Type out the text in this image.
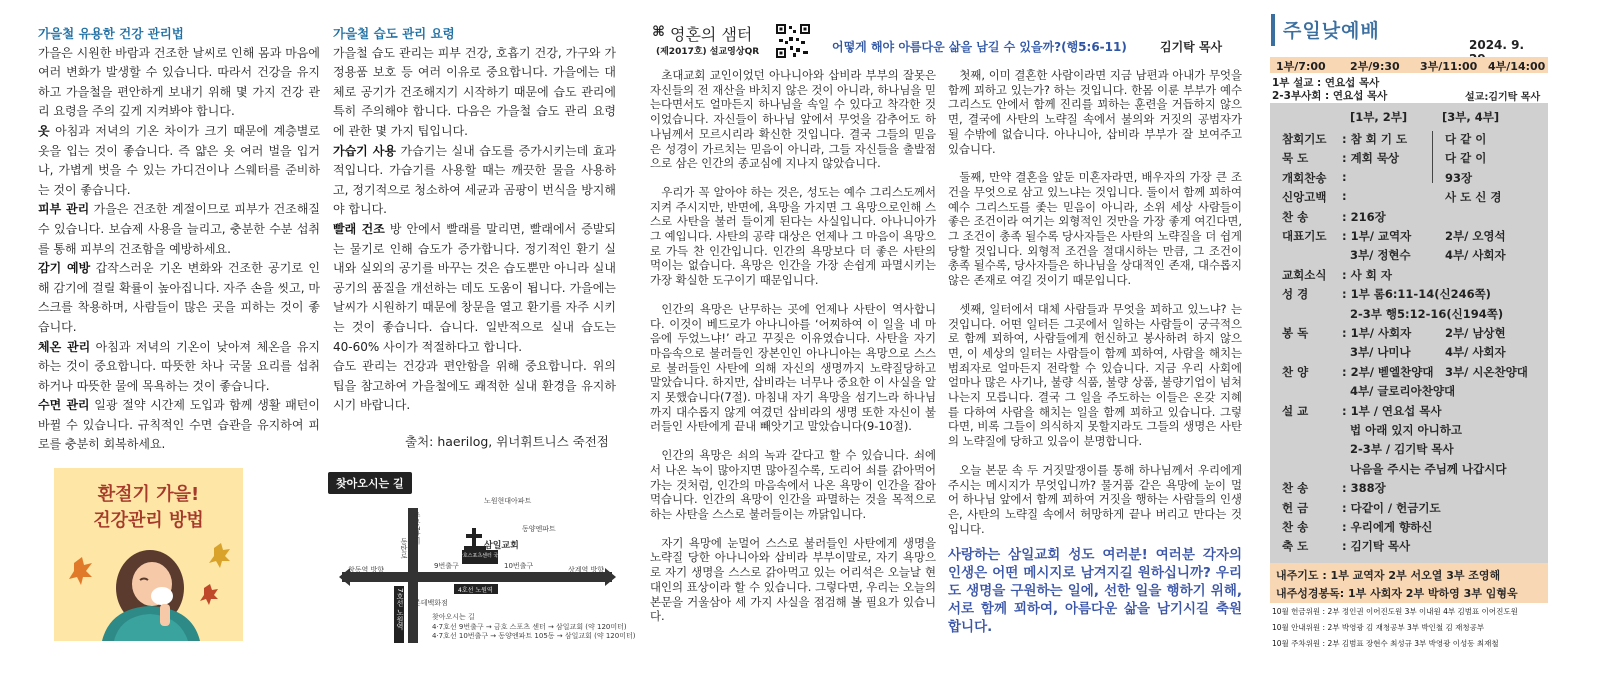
가을철 유용한 건강 관리법

가을은 시원한 바람과 건조한 날씨로 인해 몸과 마음에 여러 변화가 발생할 수 있습니다. 따라서 건강을 유지하고 가을철을 편안하게 보내기 위해 몇 가지 건강 관리 요령을 주의 깊게 지켜봐야 합니다.

옷 아침과 저녁의 기온 차이가 크기 때문에 계층별로 옷을 입는 것이 좋습니다. 즉 얇은 옷 여러 벌을 입거나, 가볍게 벗을 수 있는 가디건이나 스웨터를 준비하는 것이 좋습니다.

피부 관리 가을은 건조한 계절이므로 피부가 건조해질 수 있습니다. 보습제 사용을 늘리고, 충분한 수분 섭취를 통해 피부의 건조함을 예방하세요.

감기 예방 갑작스러운 기온 변화와 건조한 공기로 인해 감기에 걸릴 확률이 높아집니다. 자주 손을 씻고, 마스크를 착용하며, 사람들이 많은 곳을 피하는 것이 좋습니다.

체온 관리 아침과 저녁의 기온이 낮아져 체온을 유지하는 것이 중요합니다. 따뜻한 차나 국물 요리를 섭취하거나 따뜻한 물에 목욕하는 것이 좋습니다.

수면 관리 일광 절약 시간제 도입과 함께 생활 패턴이 바뀔 수 있습니다. 규칙적인 수면 습관을 유지하여 피로를 충분히 회복하세요.

가을철 습도 관리 요령

가을철 습도 관리는 피부 건강, 호흡기 건강, 가구와 가정용품 보호 등 여러 이유로 중요합니다. 가을에는 대체로 공기가 건조해지기 시작하기 때문에 습도 관리에 특히 주의해야 합니다. 다음은 가을철 습도 관리 요령에 관한 몇 가지 팁입니다.

가습기 사용 가습기는 실내 습도를 증가시키는데 효과적입니다. 가습기를 사용할 때는 깨끗한 물을 사용하고, 정기적으로 청소하여 세균과 곰팡이 번식을 방지해야 합니다.

빨래 건조 방 안에서 빨래를 말리면, 빨래에서 증발되는 물기로 인해 습도가 증가합니다. 정기적인 환기 실내와 실외의 공기를 바꾸는 것은 습도뿐만 아니라 실내 공기의 품질을 개선하는 데도 도움이 됩니다. 가을에는 날씨가 시원하기 때문에 창문을 열고 환기를 자주 시키는 것이 좋습니다. 습니다. 일반적으로 실내 습도는 40-60% 사이가 적절하다고 합니다.

습도 관리는 건강과 편안함을 위해 중요합니다. 위의 팁을 참고하여 가을철에도 쾌적한 실내 환경을 유지하시기 바랍니다.

출처: haerilog, 위너휘트니스 죽전점
환절기 가을!
건강관리 방법
찾아오시는 길
삼일교회
주공7단지
동탄로
노원현대아파트
동양엔파트
금호스포츠센터 국민은행 학원
4호선 노원역
9번출구	10번출구
창동역 방향	상계역 방향
7호선 노원역 롯데백화점
찾아오시는 길
4·7호선 9번출구 → 금호 스포츠 센터 → 삼일교회 (약 120미터)
4·7호선 10번출구 → 동양엔파트 105동 → 삼일교회 (약 120미터)
⌘ 영혼의 샘터
(제2017호) 설교영상QR	어떻게 해야 아름다운 삶을 남길 수 있을까?(행5:6-11)	김기탁 목사

초대교회 교인이었던 아나니아와 삽비라 부부의 잘못은 자신들의 전 재산을 바치지 않은 것이 아니라, 하나님을 믿는다면서도 얼마든지 하나님을 속일 수 있다고 착각한 것이었습니다. 자신들이 하나님 앞에서 무엇을 감추어도 하나님께서 모르시리라 확신한 것입니다. 결국 그들의 믿음은 성경이 가르치는 믿음이 아니라, 그들 자신들을 출발점으로 삼은 인간의 종교심에 지나지 않았습니다.

우리가 꼭 알아야 하는 것은, 성도는 예수 그리스도께서 지켜 주시지만, 반면에, 욕망을 가지면 그 욕망으로인해 스스로 사탄을 불러 들이게 된다는 사실입니다. 아나니아가 그 예입니다. 사탄의 공략 대상은 언제나 그 마음이 욕망으로 가득 찬 인간입니다. 인간의 욕망보다 더 좋은 사탄의 먹이는 없습니다. 욕망은 인간을 가장 손쉽게 파멸시키는 가장 확실한 도구이기 때문입니다.

인간의 욕망은 난무하는 곳에 언제나 사탄이 역사합니다. 이것이 베드로가 아나니아를 ‘어찌하여 이 일을 네 마음에 두었느냐!’ 라고 꾸짖은 이유였습니다. 사탄을 자기 마음속으로 불러들인 장본인인 아나니아는 욕망으로 스스로 불러들인 사탄에 의해 자신의 생명까지 노략질당하고 말았습니다. 하지만, 삽비라는 너무나 중요한 이 사실을 알지 못했습니다(7절). 마침내 자기 욕망을 섬기느라 하나님까지 대수롭지 않게 여겼던 삽비라의 생명 또한 자신이 불러들인 사탄에게 끝내 빼앗기고 말았습니다(9-10절).

인간의 욕망은 쇠의 녹과 같다고 할 수 있습니다. 쇠에서 나온 녹이 많아지면 많아질수록, 도리어 쇠를 갉아먹어 가는 것처럼, 인간의 마음속에서 나온 욕망이 인간을 잡아 먹습니다. 인간의 욕망이 인간을 파멸하는 것을 목적으로 하는 사탄을 스스로 불러들이는 까닭입니다.

자기 욕망에 눈멀어 스스로 불러들인 사탄에게 생명을 노략질 당한 아나니아와 삽비라 부부이말로, 자기 욕망으로 자기 생명을 스스로 갉아먹고 있는 어리석은 오늘날 현대인의 표상이라 할 수 있습니다. 그렇다면, 우리는 오늘의 본문을 거울삼아 세 가지 사실을 점검해 볼 필요가 있습니다.

첫째, 이미 결혼한 사람이라면 지금 남편과 아내가 무엇을 함께 꾀하고 있는가? 하는 것입니다. 한몸 이룬 부부가 예수 그리스도 안에서 함께 진리를 꾀하는 훈련을 거듭하지 않으면, 결국에 사탄의 노략질 속에서 불의와 거짓의 공범자가 될 수밖에 없습니다. 아나니아, 삽비라 부부가 잘 보여주고 있습니다.

둘째, 만약 결혼을 앞둔 미혼자라면, 배우자의 가장 큰 조건을 무엇으로 삼고 있느냐는 것입니다. 둘이서 함께 꾀하여 예수 그리스도를 좇는 믿음이 아니라, 소위 세상 사람들이 좋은 조건이라 여기는 외형적인 것만을 가장 좋게 여긴다면, 그 조건이 총족 될수록 당사자들은 사탄의 노략질을 더 쉽게 당할 것입니다. 외형적 조건을 절대시하는 만큼, 그 조건이 총족 될수록, 당사자들은 하나님을 상대적인 존재, 대수롭지 않은 존재로 여길 것이기 때문입니다.

셋째, 일터에서 대체 사람들과 무엇을 꾀하고 있느냐? 는 것입니다. 어떤 일터든 그곳에서 일하는 사람들이 궁극적으로 함께 꾀하여, 사람들에게 헌신하고 봉사하려 하지 않으면, 이 세상의 일터는 사람들이 함께 꾀하여, 사람을 해치는 범죄자로 얼마든지 전락할 수 있습니다. 지금 우리 사회에 얼마나 많은 사기나, 불량 식품, 불량 상품, 불량기업이 넘쳐나는지 모릅니다. 결국 그 일을 주도하는 이들은 온갖 지혜를 다하여 사람을 해치는 일을 함께 꾀하고 있습니다. 그렇다면, 비록 그들이 의식하지 못할지라도 그들의 생명은 사탄의 노략질에 당하고 있음이 분명합니다.

오늘 본문 속 두 거짓말쟁이를 통해 하나님께서 우리에게 주시는 메시지가 무엇입니까? 물거품 같은 욕망에 눈이 멀어 하나님 앞에서 함께 꾀하여 거짓을 행하는 사람들의 인생은, 사탄의 노략질 속에서 허망하게 끝나 버리고 만다는 것입니다.

사랑하는 삼일교회 성도 여러분! 여러분 각자의 인생은 어떤 메시지로 남겨지길 원하십니까? 우리도 생명을 구원하는 일에, 선한 일을 행하기 위해, 서로 함께 꾀하여, 아름다운 삶을 남기시길 축원합니다.

주일낮예배
2024. 9.
1부/7:00 2부/9:30 3부/11:00 4부/14:00
1부 설교 : 연요섭 목사
2-3부사회 : 연요섭 목사	설교:김기탁 목사
[1부, 2부]	[3부, 4부]
참회기도 : 참 회 기 도	다 같 이
묵 도	: 계회 묵상	다 같 이
개회찬송 :	93장
신앙고백 :	사 도 신 경
찬 송	: 216장
대표기도 : 1부/ 교역자	2부/ 오영석
3부/ 정현수	4부/ 사회자
교회소식 : 사 회 자
성 경	: 1부 롬6:11-14(신246쪽)
2-3부 행5:12-16(신194쪽)
봉 독	: 1부/ 사회자	2부/ 남상현
3부/ 나미나	4부/ 사회자
찬 양	: 2부/ 벧엘찬양대 3부/ 시온찬양대
4부/ 글로리아찬양대
설 교	: 1부 / 연요섭 목사
법 아래 있지 아니하고
2-3부 / 김기탁 목사
나음을 주시는 주님께 나갑시다
찬 송	: 388장
헌 금	: 다같이 / 헌금기도
찬 송	: 우리에게 향하신
축 도	: 김기탁 목사
내주기도 : 1부 교역자 2부 서오열 3부 조영해
내주성경봉독: 1부 사회자 2부 박하영 3부 임형욱
10월 헌금위원 : 2부 정인권 이어진도원 3부 이내원 4부 김범표 이어진도원
10월 안내위원 : 2부 박영광 김 재청공부 3부 박인철 김 재청공부
10월 주차위원 : 2부 김범표 장현수 최성규 3부 박영광 이성동 최재철
